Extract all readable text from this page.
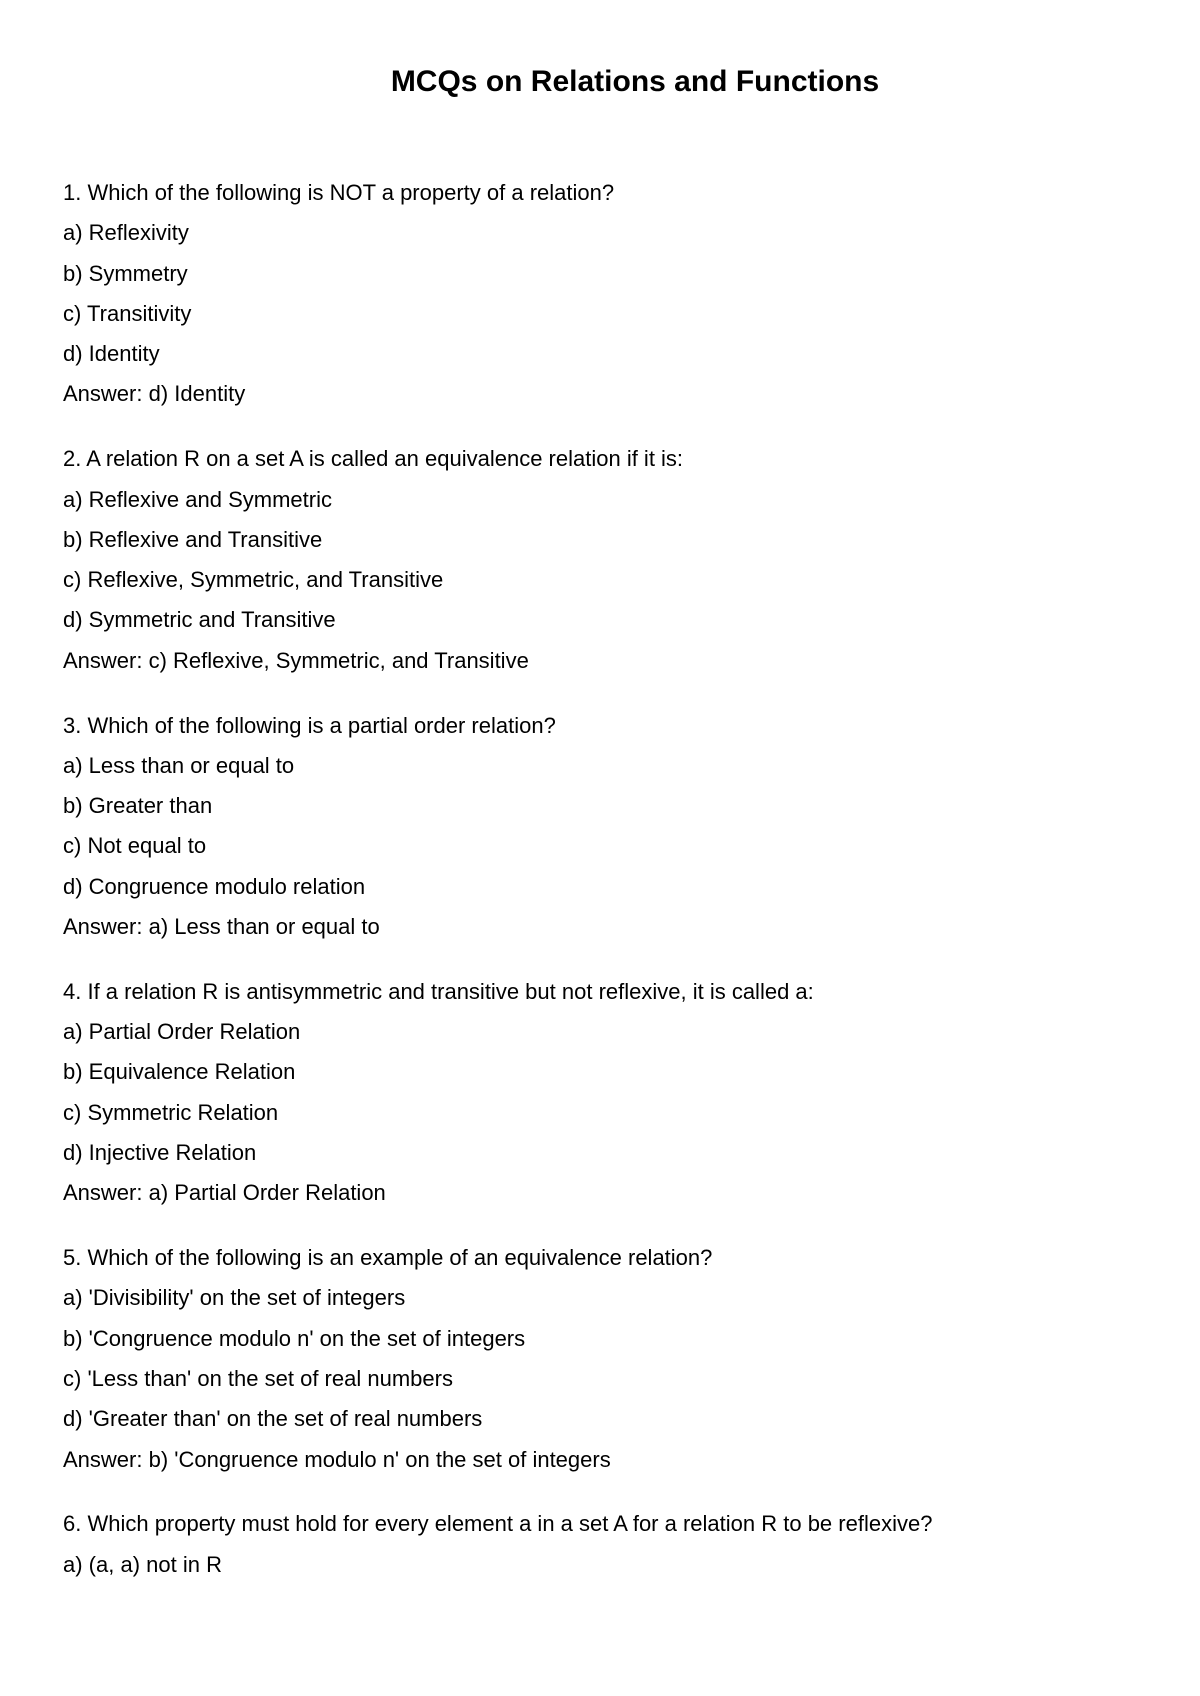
MCQs on Relations and Functions

1. Which of the following is NOT a property of a relation?

a) Reflexivity

b) Symmetry

c) Transitivity

d) Identity

Answer: d) Identity

2. A relation R on a set A is called an equivalence relation if it is:

a) Reflexive and Symmetric

b) Reflexive and Transitive

c) Reflexive, Symmetric, and Transitive

d) Symmetric and Transitive

Answer: c) Reflexive, Symmetric, and Transitive

3. Which of the following is a partial order relation?

a) Less than or equal to

b) Greater than

c) Not equal to

d) Congruence modulo relation

Answer: a) Less than or equal to

4. If a relation R is antisymmetric and transitive but not reflexive, it is called a:

a) Partial Order Relation

b) Equivalence Relation

c) Symmetric Relation

d) Injective Relation

Answer: a) Partial Order Relation

5. Which of the following is an example of an equivalence relation?

a) 'Divisibility' on the set of integers

b) 'Congruence modulo n' on the set of integers

c) 'Less than' on the set of real numbers

d) 'Greater than' on the set of real numbers

Answer: b) 'Congruence modulo n' on the set of integers

6. Which property must hold for every element a in a set A for a relation R to be reflexive?

a) (a, a) not in R
